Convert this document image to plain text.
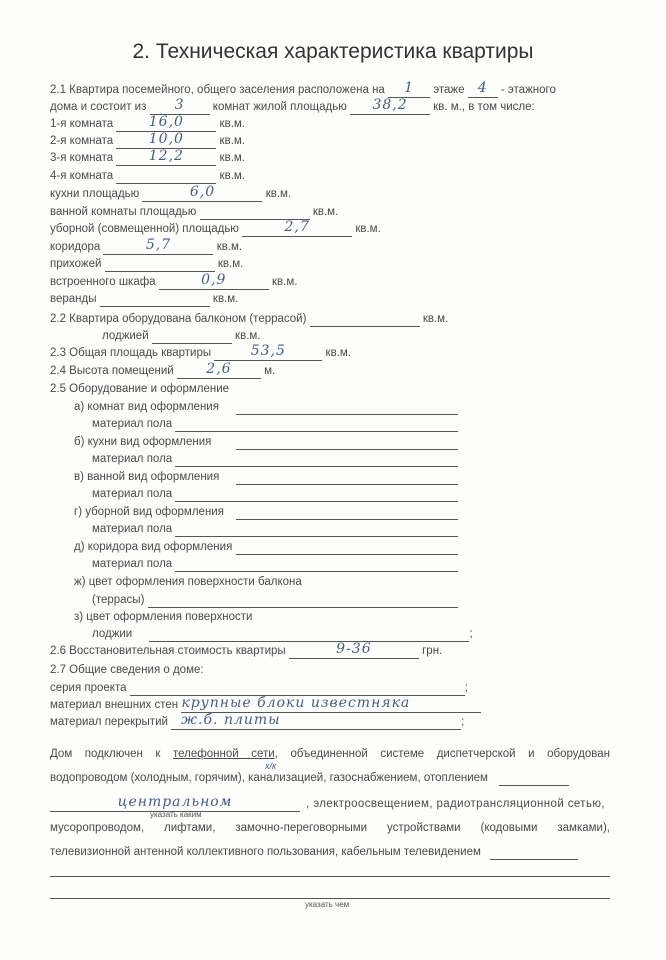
2. Техническая характеристика квартиры
2.1 Квартира посемейного, общего заселения расположена на	1	этаже 4	- этажного
дома и состоит из	3	комнат жилой площадью	38,2	кв. м., в том числе:
1-я комната	16,0	кв.м.
2-я комната	10,0	кв.м.
3-я комната	12,2	кв.м.
4-я комната	кв.м.
кухни площадью	6,0	кв.м.
ванной комнаты площадью	кв.м.
уборной (совмещенной) площадью	2,7	кв.м.
коридора	5,7	кв.м.
прихожей	кв.м.
встроенного шкафа	0,9	кв.м.
веранды	кв.м.
2.2 Квартира оборудована балконом (террасой)	кв.м.
лоджией	кв.м.
2.3 Общая площадь квартиры	53,5	кв.м.
2.4 Высота помещений	2,6	м.
2.5 Оборудование и оформление
а) комнат вид оформления
материал пола
б) кухни вид оформления
материал пола
в) ванной вид оформления
материал пола
г) уборной вид оформления
материал пола
д) коридора вид оформления
материал пола
ж) цвет оформления поверхности балкона
(террасы)
з) цвет оформления поверхности
лоджии	;
2.6 Восстановительная стоимость квартиры	9-36	грн.
2.7 Общие сведения о доме:
серия проекта	;
материал внешних стен крупные блоки известняка
материал перекрытий ж.б. плиты	;
Дом подключен к телефонной сети, объединенной системе диспетчерской и оборудован
х/к
водопроводом (холодным, горячим), канализацией, газоснабжением, отоплением
центральном	, электроосвещением, радиотрансляционной сетью,
указать каким
мусоропроводом, лифтами, замочно-переговорными устройствами (кодовыми замками),
телевизионной антенной коллективного пользования, кабельным телевидением
указать чем
